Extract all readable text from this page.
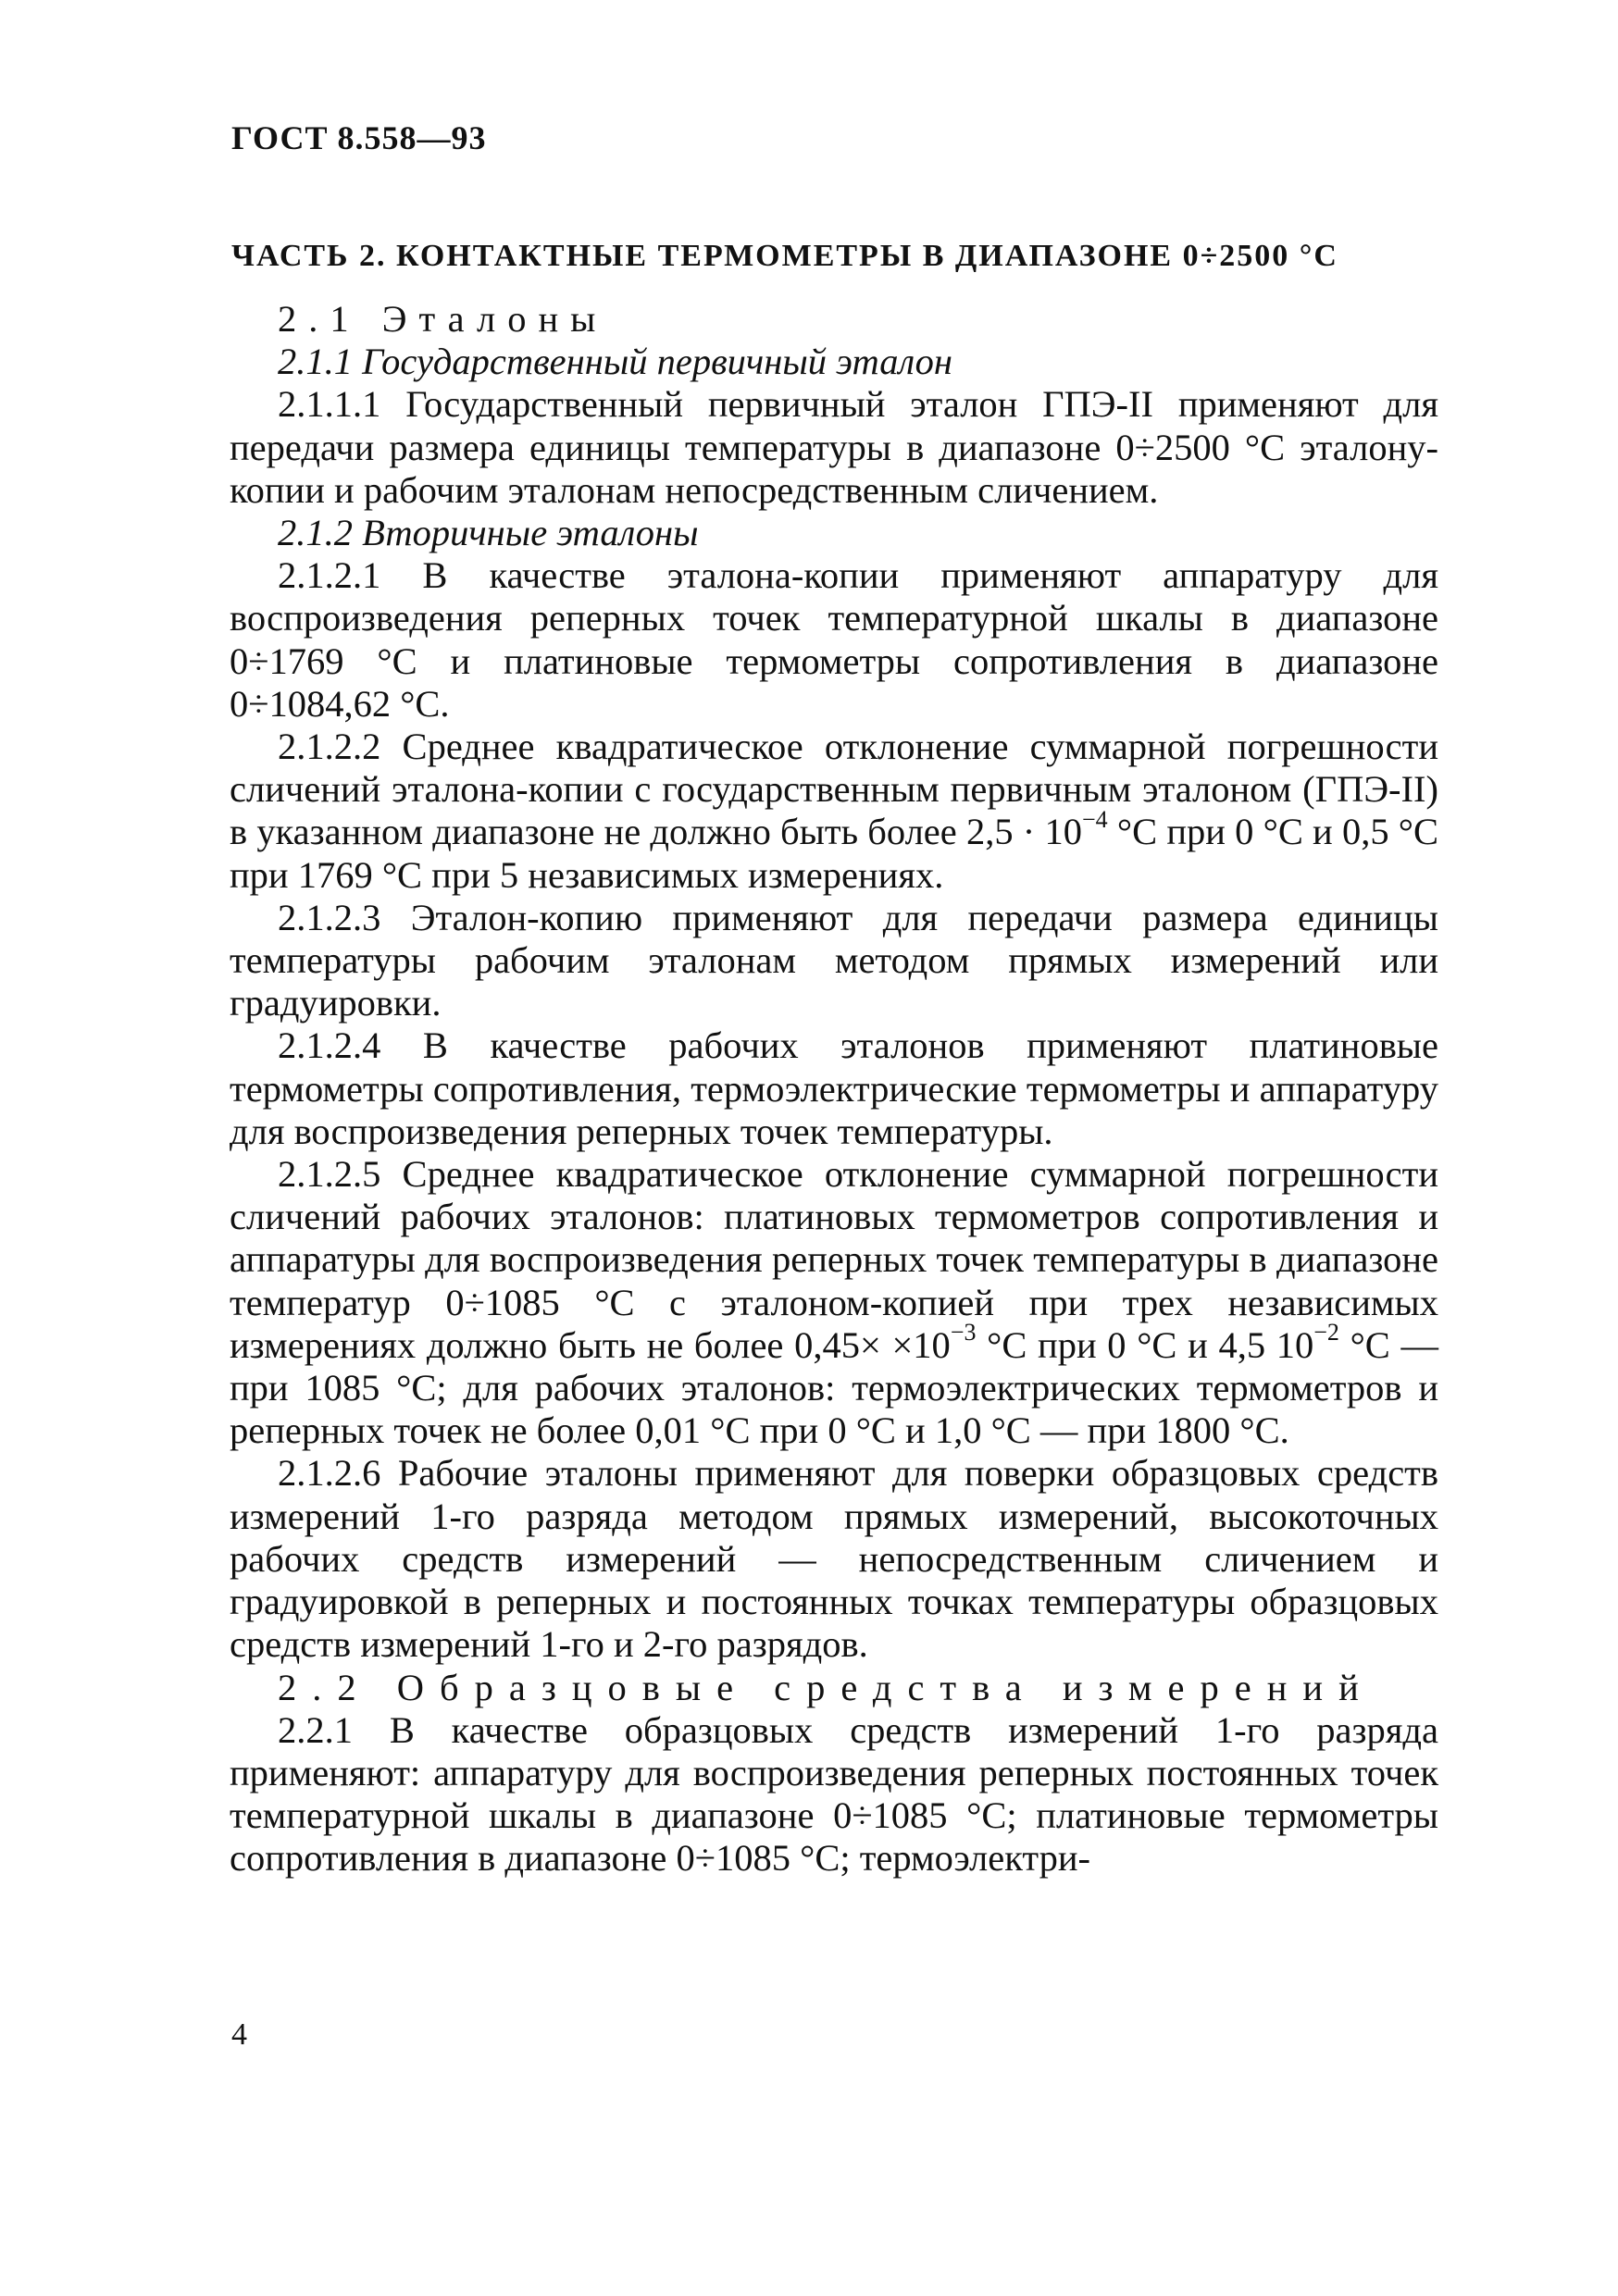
ГОСТ 8.558—93
ЧАСТЬ 2. КОНТАКТНЫЕ ТЕРМОМЕТРЫ В ДИАПАЗОНЕ 0÷2500 °С

2.1 Эталоны

2.1.1 Государственный первичный эталон

2.1.1.1 Государственный первичный эталон ГПЭ-II применяют для передачи размера единицы температуры в диапазоне 0÷2500 °С эталону-копии и рабочим эталонам непосредственным сличением.

2.1.2 Вторичные эталоны

2.1.2.1 В качестве эталона-копии применяют аппаратуру для воспроизведения реперных точек температурной шкалы в диапазоне 0÷1769 °С и платиновые термометры сопротивления в диапазоне 0÷1084,62 °С.

2.1.2.2 Среднее квадратическое отклонение суммарной погрешности сличений эталона-копии с государственным первичным эталоном (ГПЭ-II) в указанном диапазоне не должно быть более $2,5 \cdot 10^{-4}$ °С при 0 °С и 0,5 °С при 1769 °С при 5 независимых измерениях.

2.1.2.3 Эталон-копию применяют для передачи размера единицы температуры рабочим эталонам методом прямых измерений или градуировки.

2.1.2.4 В качестве рабочих эталонов применяют платиновые термометры сопротивления, термоэлектрические термометры и аппаратуру для воспроизведения реперных точек температуры.

2.1.2.5 Среднее квадратическое отклонение суммарной погрешности сличений рабочих эталонов: платиновых термометров сопротивления и аппаратуры для воспроизведения реперных точек температуры в диапазоне температур 0÷1085 °С с эталоном-копией при трех независимых измерениях должно быть не более $0,45\times \times 10^{-3}$ °С при 0 °С и 4,5 $10^{-2}$ °С — при 1085 °С; для рабочих эталонов: термоэлектрических термометров и реперных точек не более 0,01 °С при 0 °С и 1,0 °С — при 1800 °С.

2.1.2.6 Рабочие эталоны применяют для поверки образцовых средств измерений 1-го разряда методом прямых измерений, высокоточных рабочих средств измерений — непосредственным сличением и градуировкой в реперных и постоянных точках температуры образцовых средств измерений 1-го и 2-го разрядов.

2.2 Образцовые средства измерений

2.2.1 В качестве образцовых средств измерений 1-го разряда применяют: аппаратуру для воспроизведения реперных постоянных точек температурной шкалы в диапазоне 0÷1085 °С; платиновые термометры сопротивления в диапазоне 0÷1085 °С; термоэлектри-

4
